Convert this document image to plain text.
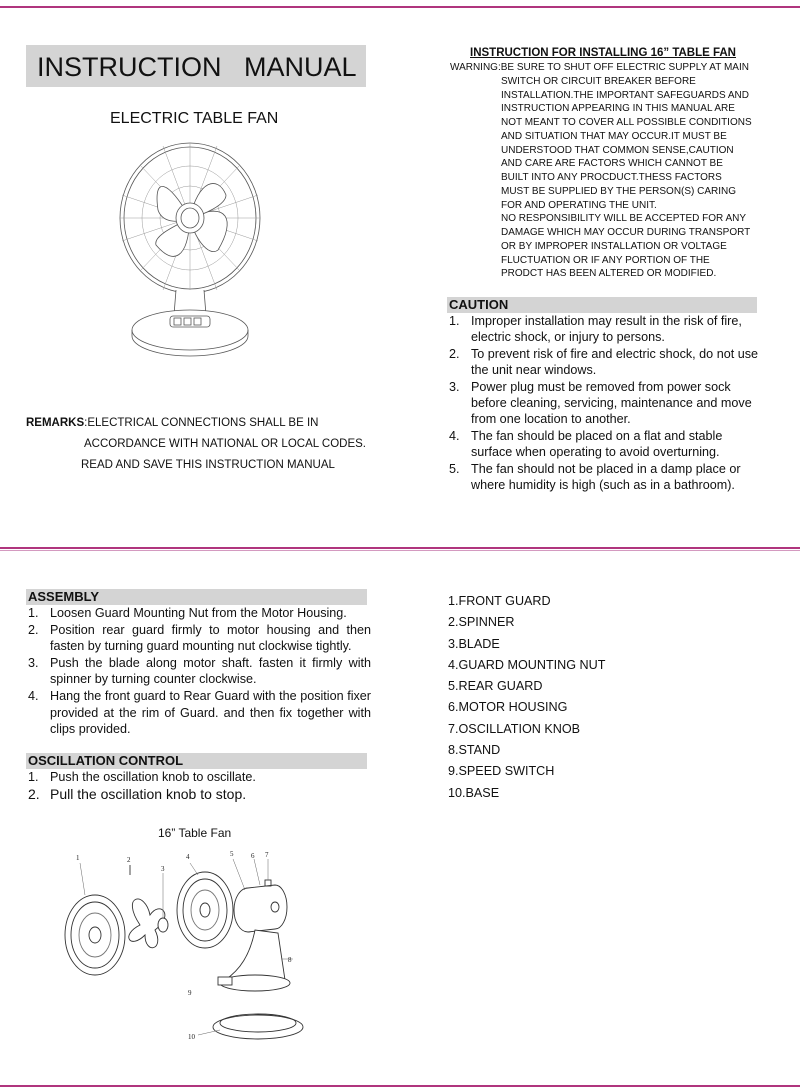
INSTRUCTION   MANUAL
ELECTRIC TABLE FAN
REMARKS:ELECTRICAL CONNECTIONS SHALL BE IN
ACCORDANCE WITH NATIONAL OR LOCAL CODES.
READ AND SAVE THIS INSTRUCTION MANUAL
INSTRUCTION FOR INSTALLING 16” TABLE FAN
WARNING:BE SURE TO SHUT OFF ELECTRIC SUPPLY AT MAIN
SWITCH OR CIRCUIT BREAKER BEFORE
INSTALLATION.THE IMPORTANT SAFEGUARDS AND
INSTRUCTION APPEARING IN THIS MANUAL ARE
NOT MEANT TO COVER ALL POSSIBLE CONDITIONS
AND SITUATION THAT MAY OCCUR.IT MUST BE
UNDERSTOOD THAT COMMON SENSE,CAUTION
AND CARE ARE FACTORS WHICH CANNOT BE
BUILT INTO ANY PROCDUCT.THESS FACTORS
MUST BE SUPPLIED BY THE PERSON(S) CARING
FOR AND OPERATING THE UNIT.
NO RESPONSIBILITY WILL BE ACCEPTED FOR ANY
DAMAGE WHICH MAY OCCUR DURING TRANSPORT
OR BY IMPROPER INSTALLATION OR VOLTAGE
FLUCTUATION OR IF ANY PORTION OF THE
PRODCT HAS BEEN ALTERED OR MODIFIED.
CAUTION
1. Improper installation may result in the risk of fire, electric shock, or injury to persons.
2. To prevent risk of fire and electric shock, do not use the unit near windows.
3. Power plug must be removed from power sock before cleaning, servicing, maintenance and move from one location to another.
4. The fan should be placed on a flat and stable surface when operating to avoid overturning.
5. The fan should not be placed in a damp place or where humidity is high (such as in a bathroom).
ASSEMBLY
1. Loosen Guard Mounting Nut from the Motor Housing.
2. Position rear guard firmly to motor housing and then fasten by turning guard mounting nut clockwise tightly.
3. Push the blade along motor shaft. fasten it firmly with spinner by turning counter clockwise.
4. Hang the front guard to Rear Guard with the position fixer provided at the rim of Guard. and then fix together with clips provided.
OSCILLATION CONTROL
1. Push the oscillation knob to oscillate.
2. Pull the oscillation knob to stop.
1.FRONT GUARD
2.SPINNER
3.BLADE
4.GUARD MOUNTING NUT
5.REAR GUARD
6.MOTOR HOUSING
7.OSCILLATION KNOB
8.STAND
9.SPEED SWITCH
10.BASE
16” Table Fan
1	2
3
4	5	6 7
8
9
10
